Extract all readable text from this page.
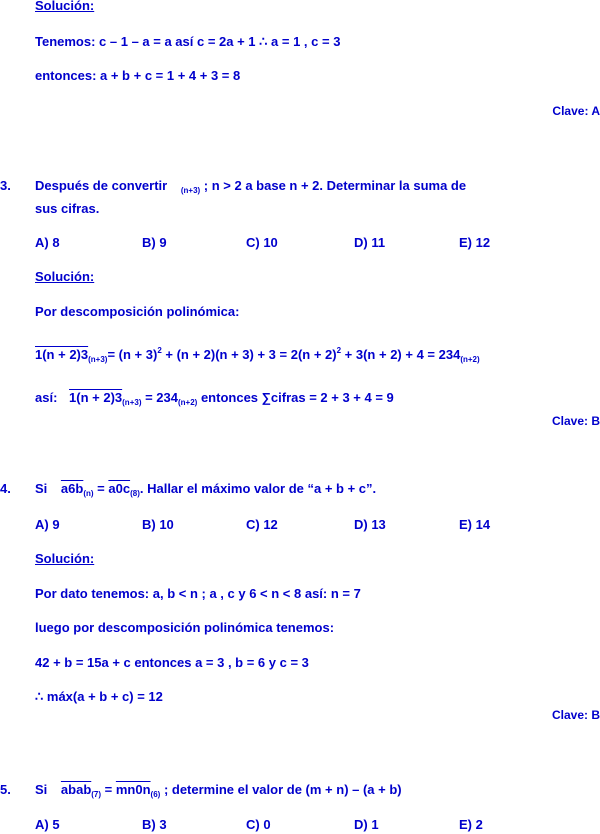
Solución:
Tenemos: c – 1 – a = a así c = 2a + 1 ∴ a = 1 , c = 3
entonces: a + b + c = 1 + 4 + 3 = 8
Clave: A
3. Después de convertir $_{(n+3)}$ ; n > 2 a base n + 2. Determinar la suma de
sus cifras.
A) 8	B) 9	C) 10	D) 11	E) 12
Solución:
Por descomposición polinómica:
$1(n + 2)3_{(n+3)}= (n + 3)^2 + (n + 2)(n + 3) + 3 = 2(n + 2)^2 + 3(n + 2) + 4 = 234_{(n+2)}$
así: $1(n + 2)3_{(n+3)} = 234_{(n+2)}$ entonces ∑cifras = 2 + 3 + 4 = 9
Clave: B
4. Si $a6b_{(n)} = a0c_{(8)}$. Hallar el máximo valor de “a + b + c”.
A) 9	B) 10	C) 12	D) 13	E) 14
Solución:
Por dato tenemos: a, b < n ; a , c y 6 < n < 8 así: n = 7
luego por descomposición polinómica tenemos:
42 + b = 15a + c entonces a = 3 , b = 6 y c = 3
∴ máx(a + b + c) = 12
Clave: B
5. Si abab$_{(7)}$ = $mn0n_{(6)}$ ; determine el valor de (m + n) – (a + b)
A) 5	B) 3	C) 0	D) 1	E) 2
